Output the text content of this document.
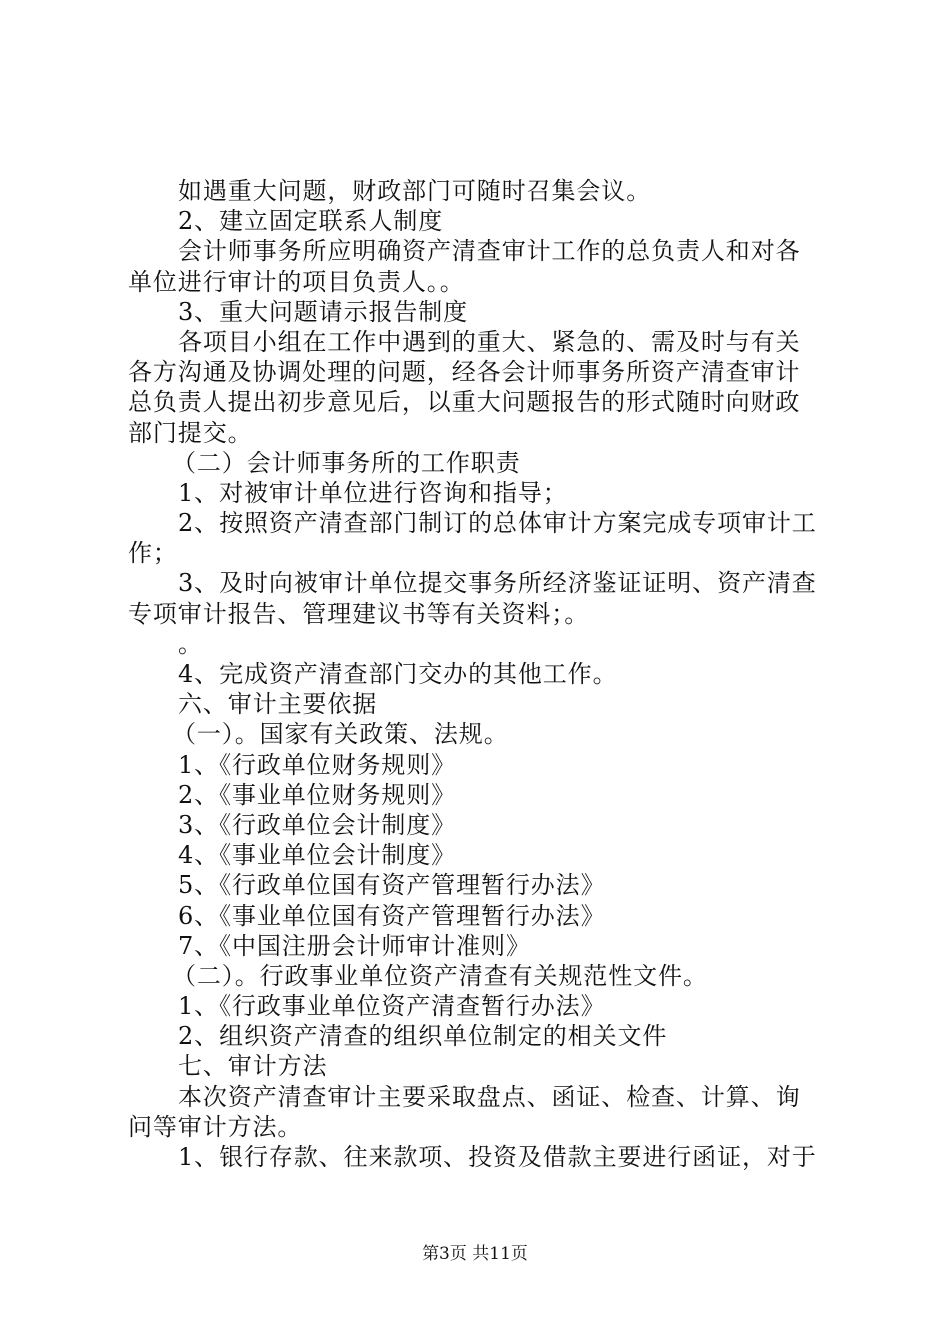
如遇重大问题，财政部门可随时召集会议。
2、建立固定联系人制度
会计师事务所应明确资产清查审计工作的总负责人和对各
单位进行审计的项目负责人。。
3、重大问题请示报告制度
各项目小组在工作中遇到的重大、紧急的、需及时与有关
各方沟通及协调处理的问题，经各会计师事务所资产清查审计
总负责人提出初步意见后，以重大问题报告的形式随时向财政
部门提交。
（二）会计师事务所的工作职责
1、对被审计单位进行咨询和指导；
2、按照资产清查部门制订的总体审计方案完成专项审计工
作；
3、及时向被审计单位提交事务所经济鉴证证明、资产清查
专项审计报告、管理建议书等有关资料；。
。
4、完成资产清查部门交办的其他工作。
六、审计主要依据
（一）。国家有关政策、法规。
1、《行政单位财务规则》
2、《事业单位财务规则》
3、《行政单位会计制度》
4、《事业单位会计制度》
5、《行政单位国有资产管理暂行办法》
6、《事业单位国有资产管理暂行办法》
7、《中国注册会计师审计准则》
（二）。行政事业单位资产清查有关规范性文件。
1、《行政事业单位资产清查暂行办法》
2、组织资产清查的组织单位制定的相关文件
七、审计方法
本次资产清查审计主要采取盘点、函证、检查、计算、询
问等审计方法。
1、银行存款、往来款项、投资及借款主要进行函证，对于
第3页 共11页
